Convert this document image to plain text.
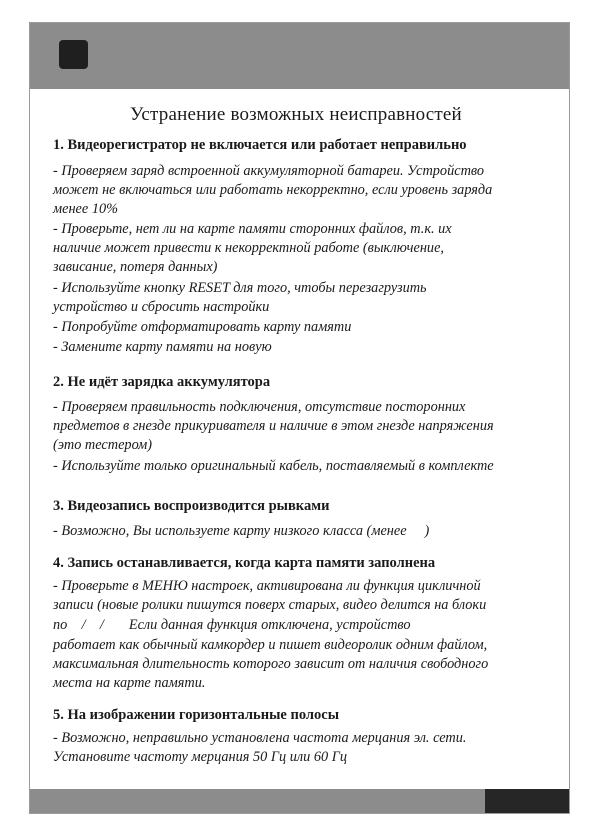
Устранение возможных неисправностей
1. Видеорегистратор не включается или работает неправильно
- Проверяем заряд встроенной аккумуляторной батареи. Устройство
может не включаться или работать некорректно, если уровень заряда
менее 10%
- Проверьте, нет ли на карте памяти сторонних файлов, т.к. их
наличие может привести к некорректной работе (выключение,
зависание, потеря данных)
- Используйте кнопку RESET для того, чтобы перезагрузить
устройство и сбросить настройки
- Попробуйте отформатировать карту памяти
- Замените карту памяти на новую
2. Не идёт зарядка аккумулятора
- Проверяем правильность подключения, отсутствие посторонних
предметов в гнезде прикуривателя и наличие в этом гнезде напряжения
(это тестером)
- Используйте только оригинальный кабель, поставляемый в комплекте
3. Видеозапись воспроизводится рывками
- Возможно, Вы используете карту низкого класса (менее     )
4. Запись останавливается, когда карта памяти заполнена
- Проверьте в МЕНЮ настроек, активирована ли функция цикличной
записи (новые ролики пишутся поверх старых, видео делится на блоки
по    /    /       Если данная функция отключена, устройство
работает как обычный камкордер и пишет видеоролик одним файлом,
максимальная длительность которого зависит от наличия свободного
места на карте памяти.
5. На изображении горизонтальные полосы
- Возможно, неправильно установлена частота мерцания эл. сети.
Установите частоту мерцания 50 Гц или 60 Гц
